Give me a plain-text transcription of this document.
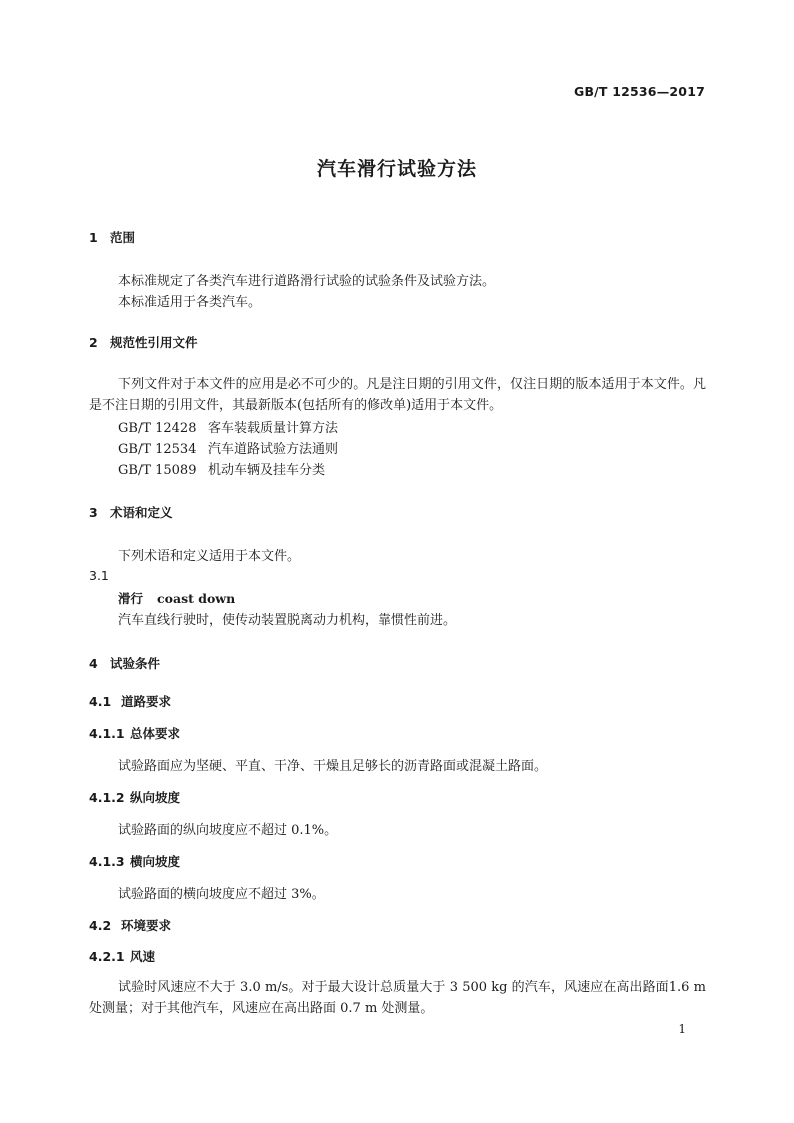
GB/T 12536—2017
汽车滑行试验方法
1 范围
本标准规定了各类汽车进行道路滑行试验的试验条件及试验方法。
本标准适用于各类汽车。
2 规范性引用文件
下列文件对于本文件的应用是必不可少的。凡是注日期的引用文件，仅注日期的版本适用于本文件。凡是不注日期的引用文件，其最新版本(包括所有的修改单)适用于本文件。
GB/T 12428 客车装载质量计算方法
GB/T 12534 汽车道路试验方法通则
GB/T 15089 机动车辆及挂车分类
3 术语和定义
下列术语和定义适用于本文件。
3.1
滑行 coast down
汽车直线行驶时，使传动装置脱离动力机构，靠惯性前进。
4 试验条件
4.1 道路要求
4.1.1 总体要求
试验路面应为坚硬、平直、干净、干燥且足够长的沥青路面或混凝土路面。
4.1.2 纵向坡度
试验路面的纵向坡度应不超过 0.1%。
4.1.3 横向坡度
试验路面的横向坡度应不超过 3%。
4.2 环境要求
4.2.1 风速
试验时风速应不大于 3.0 m/s。对于最大设计总质量大于 3 500 kg 的汽车，风速应在高出路面1.6 m 处测量；对于其他汽车，风速应在高出路面 0.7 m 处测量。
1
